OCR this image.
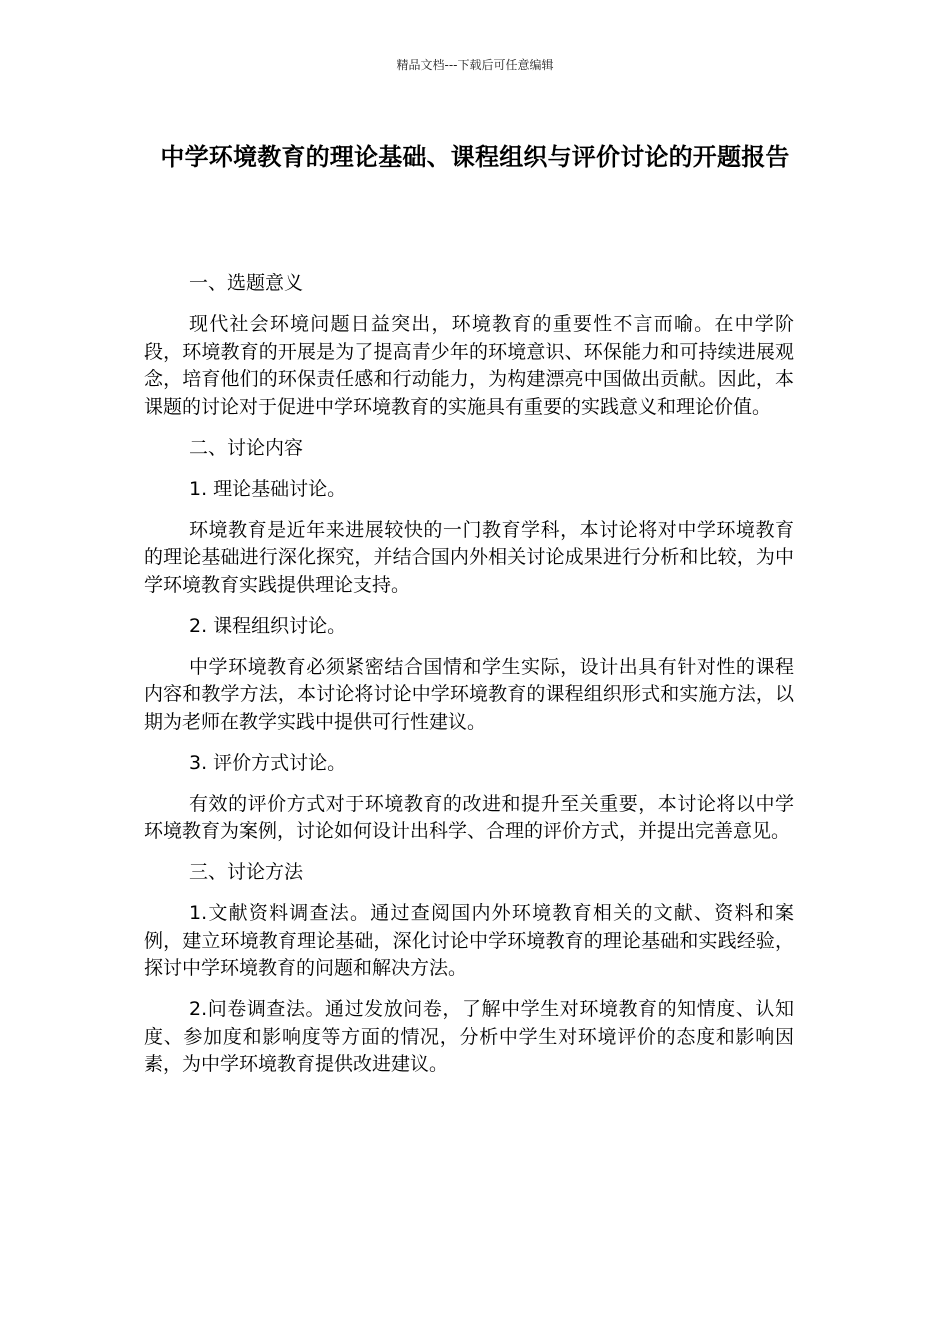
精品文档---下载后可任意编辑
中学环境教育的理论基础、课程组织与评价讨论的开题报告

一、选题意义

现代社会环境问题日益突出，环境教育的重要性不言而喻。在中学阶段，环境教育的开展是为了提高青少年的环境意识、环保能力和可持续进展观念，培育他们的环保责任感和行动能力，为构建漂亮中国做出贡献。因此，本课题的讨论对于促进中学环境教育的实施具有重要的实践意义和理论价值。

二、讨论内容

1. 理论基础讨论。

环境教育是近年来进展较快的一门教育学科，本讨论将对中学环境教育的理论基础进行深化探究，并结合国内外相关讨论成果进行分析和比较，为中学环境教育实践提供理论支持。

2. 课程组织讨论。

中学环境教育必须紧密结合国情和学生实际，设计出具有针对性的课程内容和教学方法，本讨论将讨论中学环境教育的课程组织形式和实施方法，以期为老师在教学实践中提供可行性建议。

3. 评价方式讨论。

有效的评价方式对于环境教育的改进和提升至关重要，本讨论将以中学环境教育为案例，讨论如何设计出科学、合理的评价方式，并提出完善意见。

三、讨论方法

1.文献资料调查法。通过查阅国内外环境教育相关的文献、资料和案例，建立环境教育理论基础，深化讨论中学环境教育的理论基础和实践经验，探讨中学环境教育的问题和解决方法。

2.问卷调查法。通过发放问卷，了解中学生对环境教育的知情度、认知度、参加度和影响度等方面的情况，分析中学生对环境评价的态度和影响因素，为中学环境教育提供改进建议。
